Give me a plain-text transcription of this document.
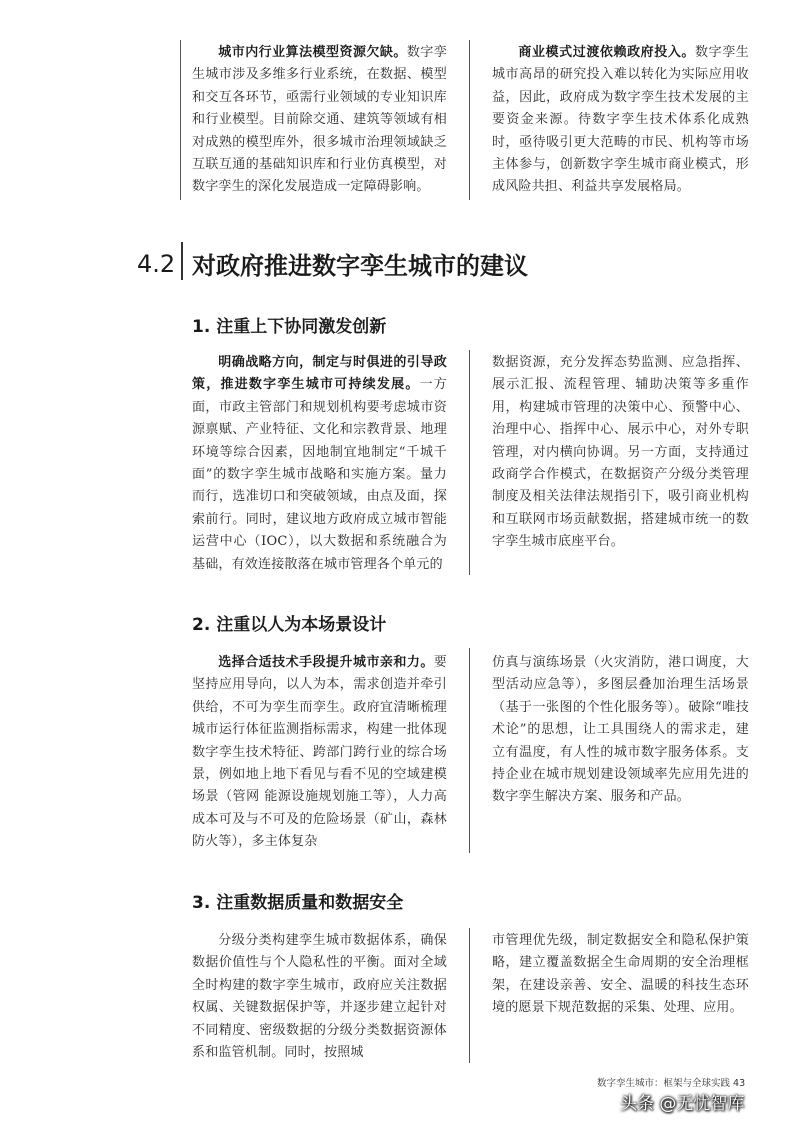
城市内行业算法模型资源欠缺。数字孪生城市涉及多维多行业系统，在数据、模型和交互各环节，亟需行业领域的专业知识库和行业模型。目前除交通、建筑等领域有相对成熟的模型库外，很多城市治理领域缺乏互联互通的基础知识库和行业仿真模型，对数字孪生的深化发展造成一定障碍影响。
商业模式过渡依赖政府投入。数字孪生城市高昂的研究投入难以转化为实际应用收益，因此，政府成为数字孪生技术发展的主要资金来源。待数字孪生技术体系化成熟时，亟待吸引更大范畴的市民、机构等市场主体参与，创新数字孪生城市商业模式，形成风险共担、利益共享发展格局。
4.2 对政府推进数字孪生城市的建议
1. 注重上下协同激发创新
明确战略方向，制定与时俱进的引导政策，推进数字孪生城市可持续发展。一方面，市政主管部门和规划机构要考虑城市资源禀赋、产业特征、文化和宗教背景、地理环境等综合因素，因地制宜地制定“千城千面”的数字孪生城市战略和实施方案。量力而行，选准切口和突破领域，由点及面，探索前行。同时，建议地方政府成立城市智能运营中心（IOC），以大数据和系统融合为基础，有效连接散落在城市管理各个单元的
数据资源，充分发挥态势监测、应急指挥、展示汇报、流程管理、辅助决策等多重作用，构建城市管理的决策中心、预警中心、治理中心、指挥中心、展示中心，对外专职管理，对内横向协调。另一方面，支持通过政商学合作模式，在数据资产分级分类管理制度及相关法律法规指引下，吸引商业机构和互联网市场贡献数据，搭建城市统一的数字孪生城市底座平台。
2. 注重以人为本场景设计
选择合适技术手段提升城市亲和力。要坚持应用导向，以人为本，需求创造并牵引供给，不可为孪生而孪生。政府宜清晰梳理城市运行体征监测指标需求，构建一批体现数字孪生技术特征、跨部门跨行业的综合场景，例如地上地下看见与看不见的空域建模场景（管网 能源设施规划施工等），人力高成本可及与不可及的危险场景（矿山，森林防火等），多主体复杂
仿真与演练场景（火灾消防，港口调度，大型活动应急等），多图层叠加治理生活场景（基于一张图的个性化服务等）。破除“唯技术论”的思想，让工具围绕人的需求走，建立有温度，有人性的城市数字服务体系。支持企业在城市规划建设领域率先应用先进的数字孪生解决方案、服务和产品。
3. 注重数据质量和数据安全
分级分类构建孪生城市数据体系，确保数据价值性与个人隐私性的平衡。面对全域全时构建的数字孪生城市，政府应关注数据权属、关键数据保护等，并逐步建立起针对不同精度、密级数据的分级分类数据资源体系和监管机制。同时，按照城
市管理优先级，制定数据安全和隐私保护策略，建立覆盖数据全生命周期的安全治理框架，在建设亲善、安全、温暖的科技生态环境的愿景下规范数据的采集、处理、应用。
数字孪生城市：框架与全球实践 43
头条 @无忧智库
